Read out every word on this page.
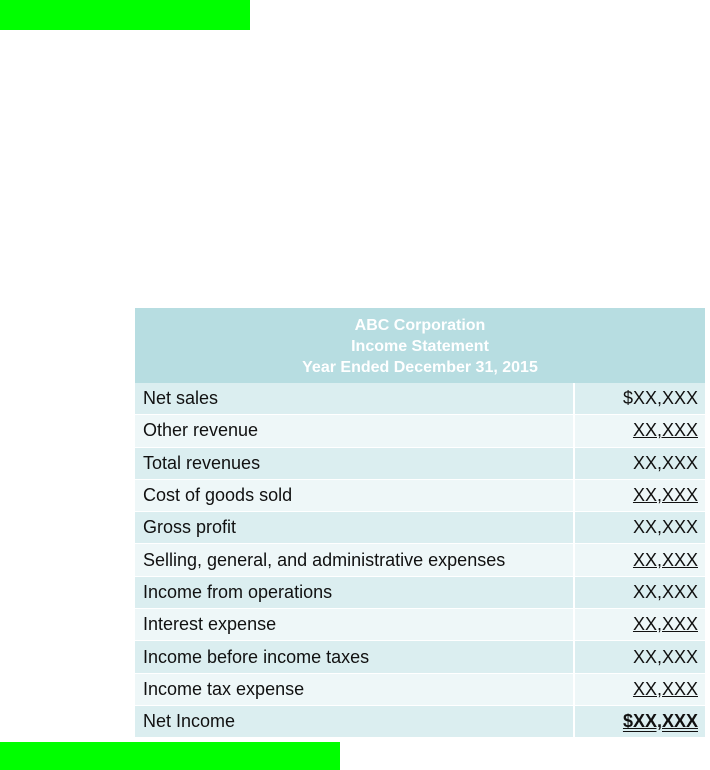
ABC Corporation
Income Statement
Year Ended December 31, 2015
Net sales	$XX,XXX
Other revenue	XX,XXX
Total revenues	XX,XXX
Cost of goods sold	XX,XXX
Gross profit	XX,XXX
Selling, general, and administrative expenses	XX,XXX
Income from operations	XX,XXX
Interest expense	XX,XXX
Income before income taxes	XX,XXX
Income tax expense	XX,XXX
Net Income	$XX,XXX
